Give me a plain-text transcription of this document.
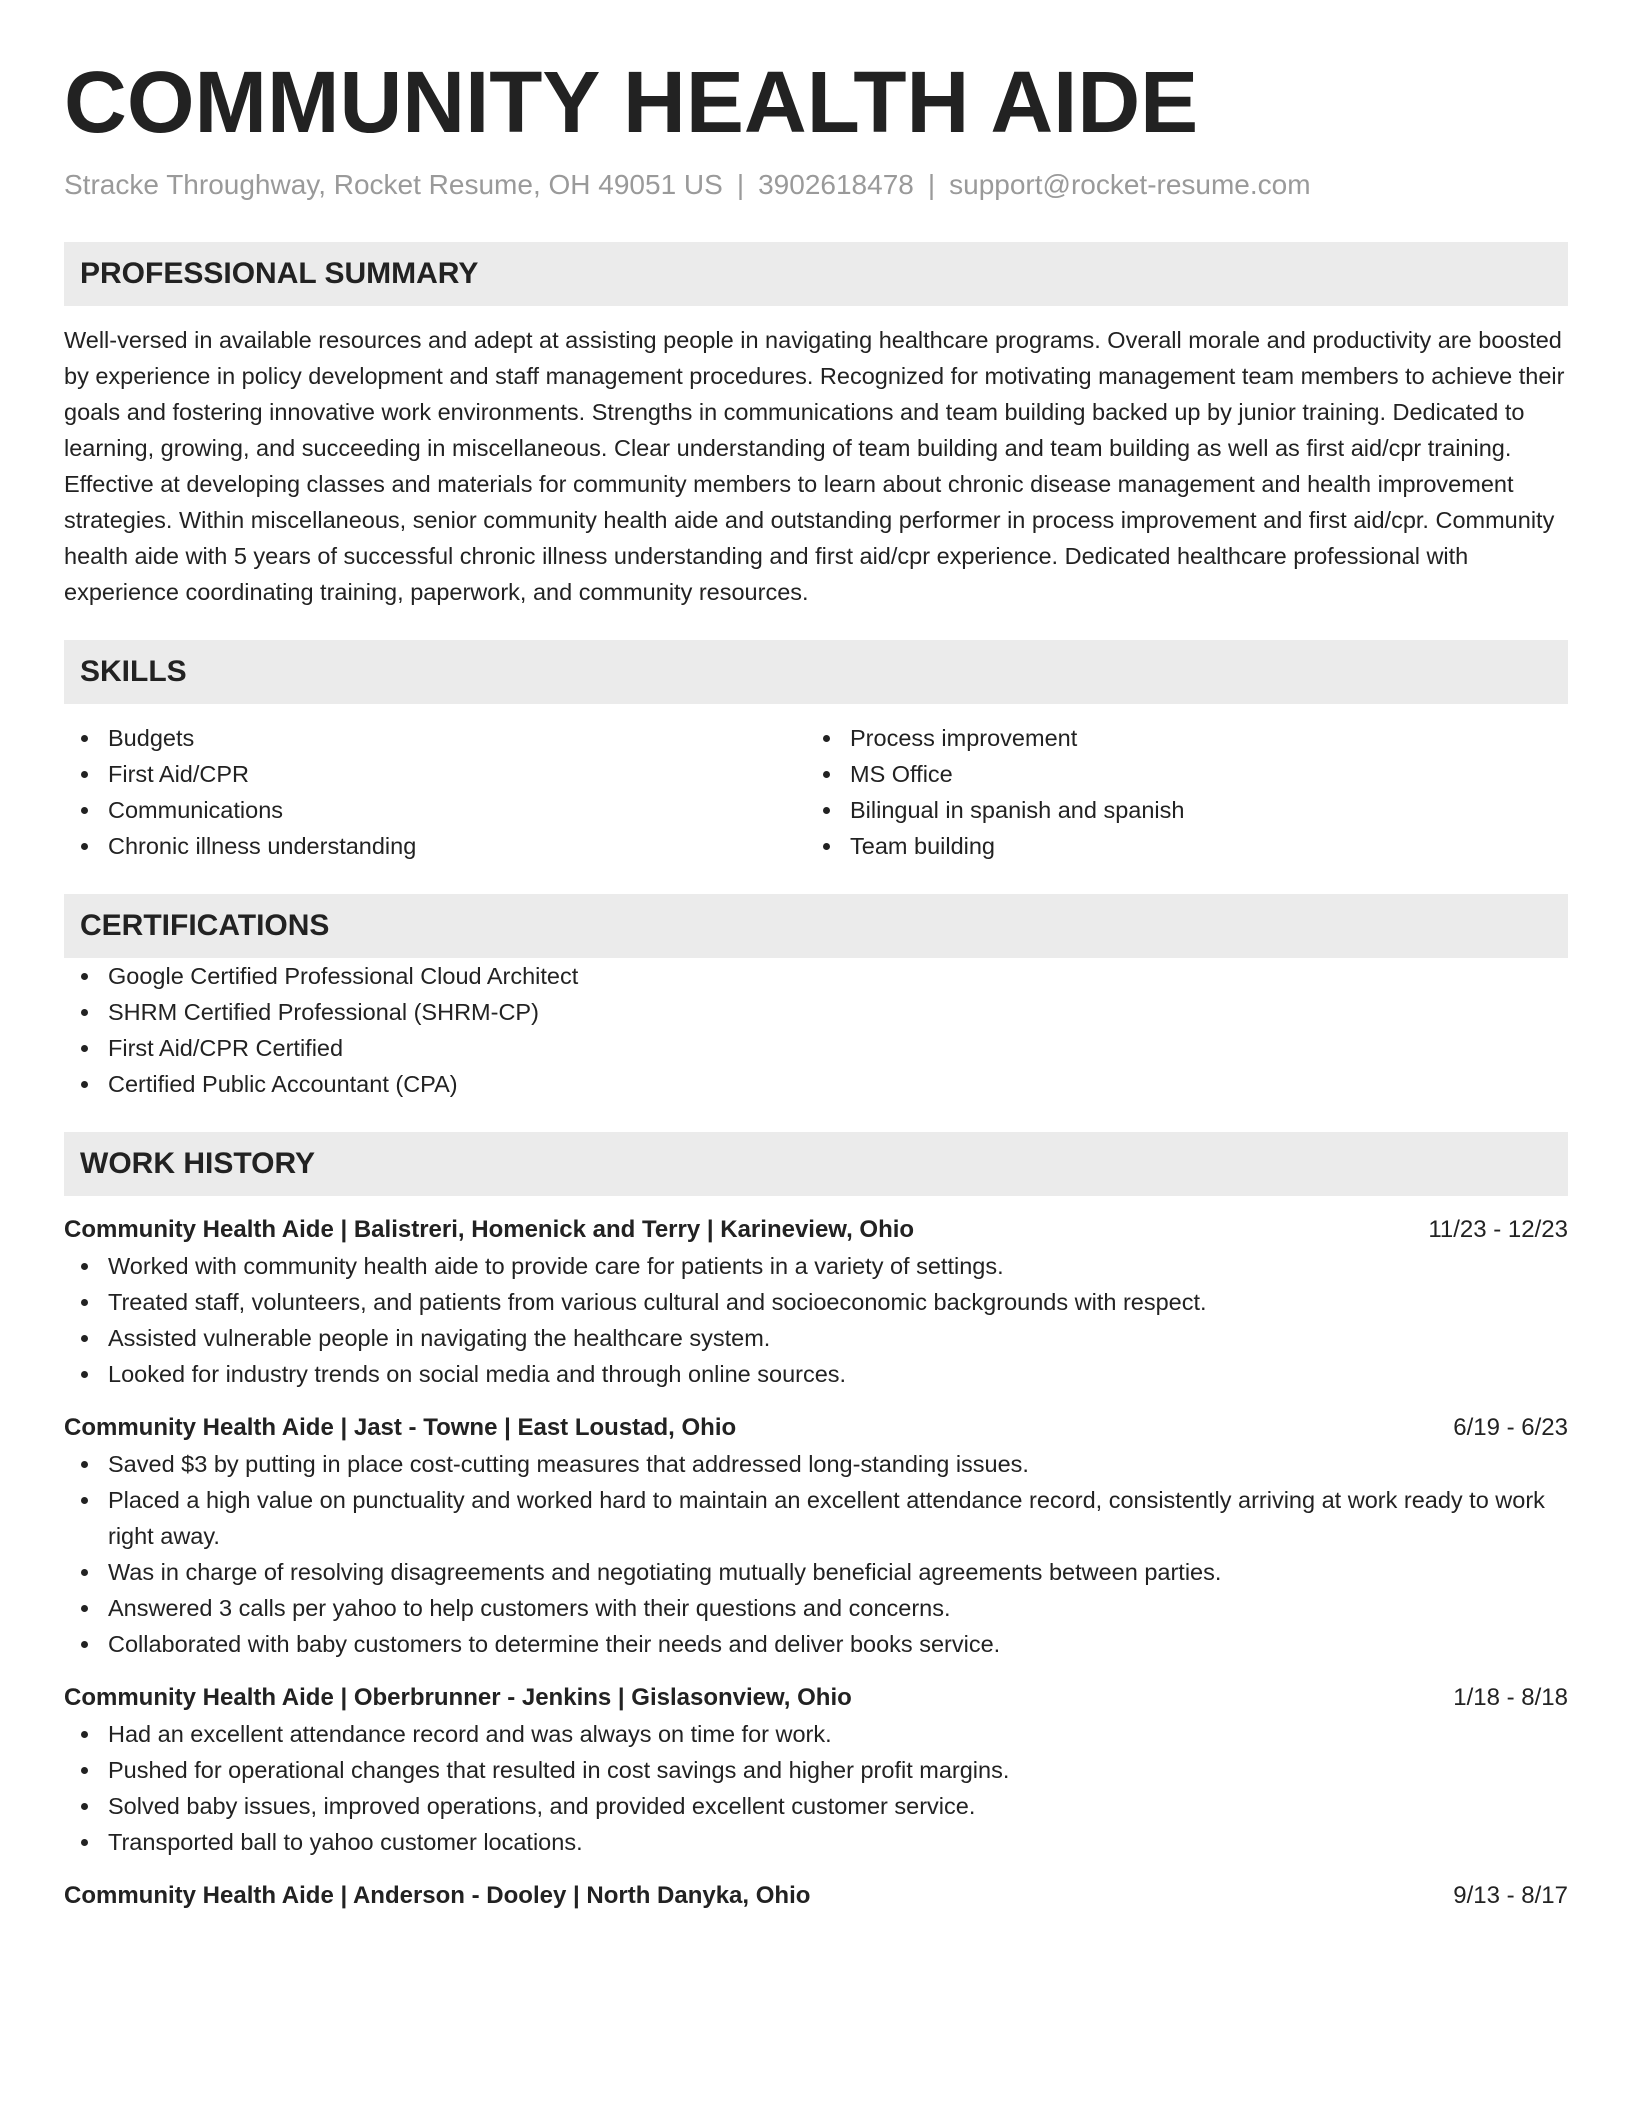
COMMUNITY HEALTH AIDE
Stracke Throughway, Rocket Resume, OH 49051 US | 3902618478 | support@rocket-resume.com
PROFESSIONAL SUMMARY

Well-versed in available resources and adept at assisting people in navigating healthcare programs. Overall morale and productivity are boosted by experience in policy development and staff management procedures. Recognized for motivating management team members to achieve their goals and fostering innovative work environments. Strengths in communications and team building backed up by junior training. Dedicated to learning, growing, and succeeding in miscellaneous. Clear understanding of team building and team building as well as first aid/cpr training. Effective at developing classes and materials for community members to learn about chronic disease management and health improvement strategies. Within miscellaneous, senior community health aide and outstanding performer in process improvement and first aid/cpr. Community health aide with 5 years of successful chronic illness understanding and first aid/cpr experience. Dedicated healthcare professional with experience coordinating training, paperwork, and community resources.

SKILLS
Budgets
First Aid/CPR
Communications
Chronic illness understanding
Process improvement
MS Office
Bilingual in spanish and spanish
Team building
CERTIFICATIONS
Google Certified Professional Cloud Architect
SHRM Certified Professional (SHRM-CP)
First Aid/CPR Certified
Certified Public Accountant (CPA)
WORK HISTORY
Community Health Aide | Balistreri, Homenick and Terry | Karineview, Ohio	11/23 - 12/23
Worked with community health aide to provide care for patients in a variety of settings.
Treated staff, volunteers, and patients from various cultural and socioeconomic backgrounds with respect.
Assisted vulnerable people in navigating the healthcare system.
Looked for industry trends on social media and through online sources.
Community Health Aide | Jast - Towne | East Loustad, Ohio	6/19 - 6/23
Saved $3 by putting in place cost-cutting measures that addressed long-standing issues.
Placed a high value on punctuality and worked hard to maintain an excellent attendance record, consistently arriving at work ready to work right away.
Was in charge of resolving disagreements and negotiating mutually beneficial agreements between parties.
Answered 3 calls per yahoo to help customers with their questions and concerns.
Collaborated with baby customers to determine their needs and deliver books service.
Community Health Aide | Oberbrunner - Jenkins | Gislasonview, Ohio	1/18 - 8/18
Had an excellent attendance record and was always on time for work.
Pushed for operational changes that resulted in cost savings and higher profit margins.
Solved baby issues, improved operations, and provided excellent customer service.
Transported ball to yahoo customer locations.
Community Health Aide | Anderson - Dooley | North Danyka, Ohio	9/13 - 8/17
